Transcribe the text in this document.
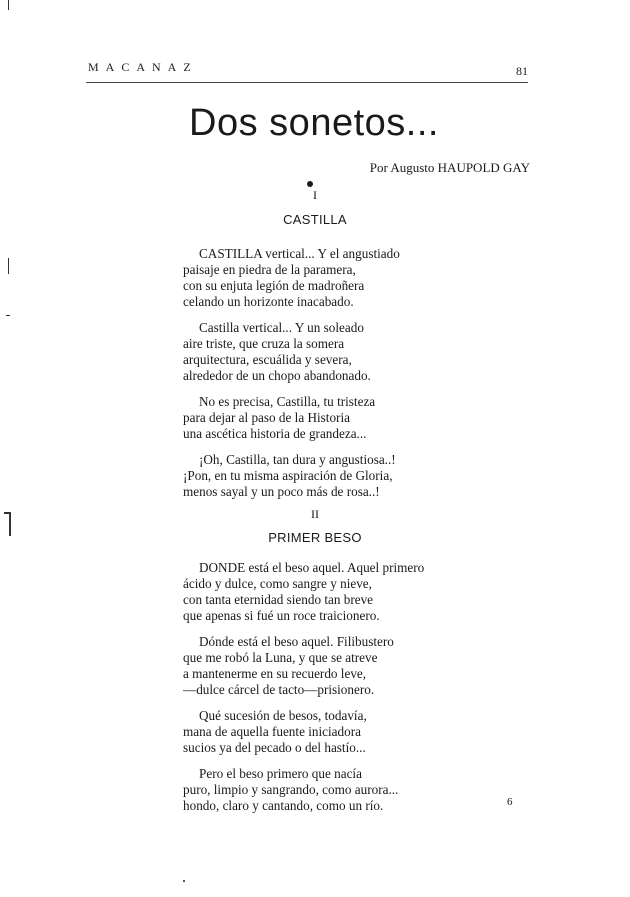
MACANAZ	81
Dos sonetos...
Por Augusto HAUPOLD GAY
I
CASTILLA
CASTILLA vertical... Y el angustiado
paisaje en piedra de la paramera,
con su enjuta legión de madroñera
celando un horizonte inacabado.
Castilla vertical... Y un soleado
aire triste, que cruza la somera
arquitectura, escuálida y severa,
alrededor de un chopo abandonado.
No es precisa, Castilla, tu tristeza
para dejar al paso de la Historia
una ascética historia de grandeza...
¡Oh, Castilla, tan dura y angustiosa..!
¡Pon, en tu misma aspiración de Gloria,
menos sayal y un poco más de rosa..!
II
PRIMER BESO
DONDE está el beso aquel. Aquel primero
ácido y dulce, como sangre y nieve,
con tanta eternidad siendo tan breve
que apenas si fué un roce traicionero.
Dónde está el beso aquel. Filibustero
que me robó la Luna, y que se atreve
a mantenerme en su recuerdo leve,
—dulce cárcel de tacto—prisionero.
Qué sucesión de besos, todavía,
mana de aquella fuente iniciadora
sucios ya del pecado o del hastío...
Pero el beso primero que nacía
puro, limpio y sangrando, como aurora...
hondo, claro y cantando, como un río.	6
